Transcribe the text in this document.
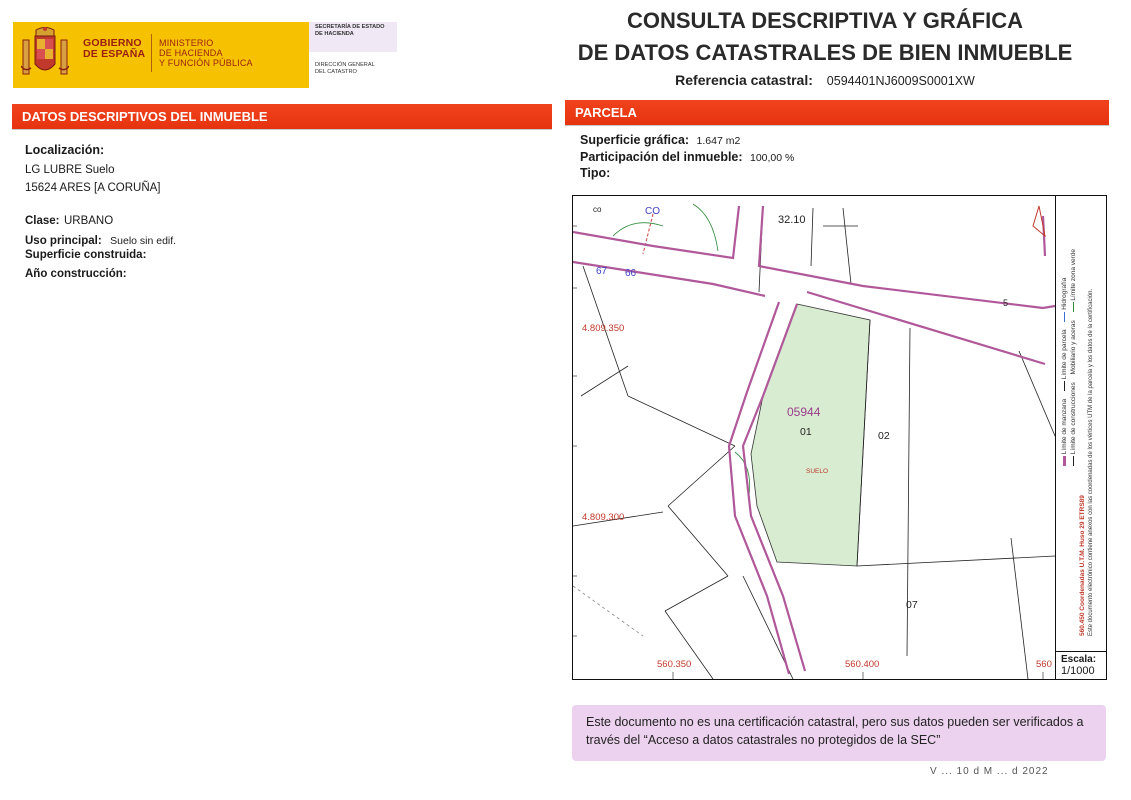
GOBIERNO
DE ESPAÑA
MINISTERIO
DE HACIENDA
Y FUNCIÓN PÚBLICA
SECRETARÍA DE ESTADO
DE HACIENDA
DIRECCIÓN GENERAL
DEL CATASTRO
CONSULTA DESCRIPTIVA Y GRÁFICA
DE DATOS CATASTRALES DE BIEN INMUEBLE
Referencia catastral: 0594401NJ6009S0001XW
DATOS DESCRIPTIVOS DEL INMUEBLE
Localización:
LG LUBRE Suelo
15624 ARES [A CORUÑA]
Clase: URBANO
Uso principal: Suelo sin edif.
Superficie construida:
Año construcción:
PARCELA
Superficie gráfica: 1.647 m2
Participación del inmueble: 100,00 %
Tipo:
co	CO
32.10
67 66
5
4.809.350
4.809.300
05944
01	02
SUELO
07
560.350	560.400	560
Límite de manzana  Límite de parcela  Hidrografía
Límite de construcciones Mobiliario y aceras  Límite zona verde
560.450 Coordenadas U.T.M. Huso 29 ETRS89 Este documento electrónico contiene anexos con las coordenadas de los vértices UTM de la parcela y los datos de la certificación.
Escala:
1/1000
Este documento no es una certificación catastral, pero sus datos pueden ser verificados a través del “Acceso a datos catastrales no protegidos de la SEC”
V ... 10 d M ... d 2022
